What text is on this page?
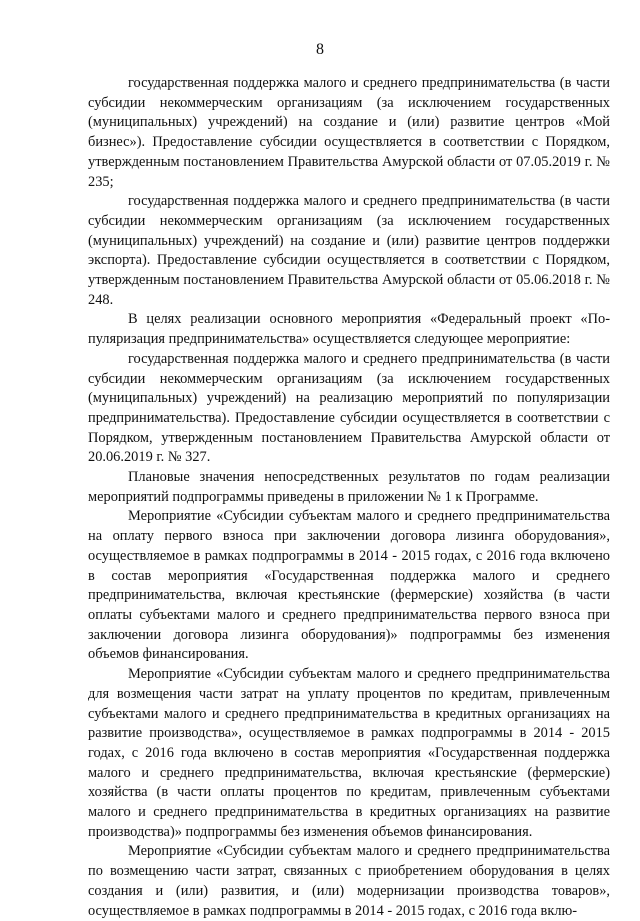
8

государственная поддержка малого и среднего предпринимательства (в части субсидии некоммерческим организациям (за исключением государственных (муниципальных) учреждений) на создание и (или) развитие центров «Мой бизнес»). Предоставление субсидии осуществляется в соответствии с Порядком, утвержденным постановлением Правительства Амурской области от 07.05.2019 г. № 235;

государственная поддержка малого и среднего предпринимательства (в части субсидии некоммерческим организациям (за исключением государственных (муниципальных) учреждений) на создание и (или) развитие центров поддержки экспорта). Предоставление субсидии осуществляется в соответствии с Порядком, утвержденным постановлением Правительства Амурской области от 05.06.2018 г. № 248.

В целях реализации основного мероприятия «Федеральный проект «Популяризация предпринимательства» осуществляется следующее мероприятие:

государственная поддержка малого и среднего предпринимательства (в части субсидии некоммерческим организациям (за исключением государственных (муниципальных) учреждений) на реализацию мероприятий по популяризации предпринимательства). Предоставление субсидии осуществляется в соответствии с Порядком, утвержденным постановлением Правительства Амурской области от 20.06.2019 г. № 327.

Плановые значения непосредственных результатов по годам реализации мероприятий подпрограммы приведены в приложении № 1 к Программе.

Мероприятие «Субсидии субъектам малого и среднего предпринимательства на оплату первого взноса при заключении договора лизинга оборудования», осуществляемое в рамках подпрограммы в 2014 - 2015 годах, с 2016 года включено в состав мероприятия «Государственная поддержка малого и среднего предпринимательства, включая крестьянские (фермерские) хозяйства (в части оплаты субъектами малого и среднего предпринимательства первого взноса при заключении договора лизинга оборудования)» подпрограммы без изменения объемов финансирования.

Мероприятие «Субсидии субъектам малого и среднего предпринимательства для возмещения части затрат на уплату процентов по кредитам, привлеченным субъектами малого и среднего предпринимательства в кредитных организациях на развитие производства», осуществляемое в рамках подпрограммы в 2014 - 2015 годах, с 2016 года включено в состав мероприятия «Государственная поддержка малого и среднего предпринимательства, включая крестьянские (фермерские) хозяйства (в части оплаты процентов по кредитам, привлеченным субъектами малого и среднего предпринимательства в кредитных организациях на развитие производства)» подпрограммы без изменения объемов финансирования.

Мероприятие «Субсидии субъектам малого и среднего предпринимательства по возмещению части затрат, связанных с приобретением оборудования в целях создания и (или) развития, и (или) модернизации производства товаров», осуществляемое в рамках подпрограммы в 2014 - 2015 годах, с 2016 года вклю-
